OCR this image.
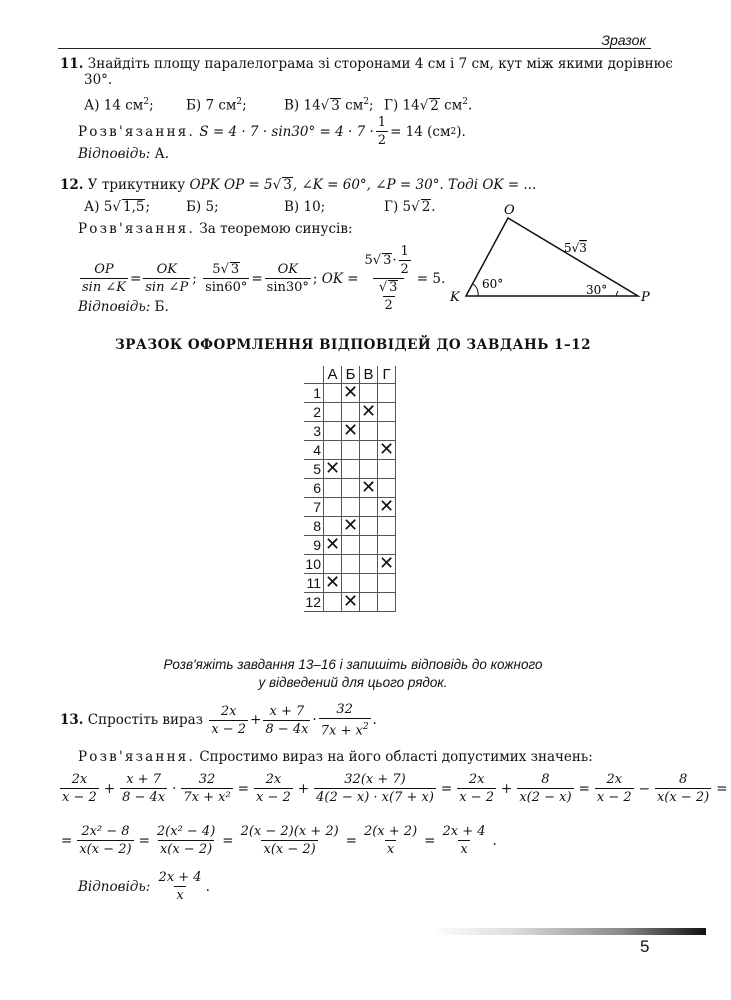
Зразок
11. Знайдіть площу паралелограма зі сторонами 4 см і 7 см, кут між якими дорівнює
30°.
А) 14 $см^2$; Б) 7 $см^2$;	В) 14√ 3 $см^2$; Г) 14√ 2 $см^2$.
Розв'язання.
$S = 4 \cdot 7 \cdot \sin 30^\circ = 4 \cdot 7 \cdot \frac{1}{2} = 14$ (см 2 ).
Відповідь: А.
12. У трикутнику OPK OP = 5√ 3, ∠K = 60°, ∠P = 30°. Тоді OK = ...
А) 5√ 1,5;	Б) 5;	В) 10;	Г) 5√ 2.
Розв'язання. За теоремою синусів:
$\frac{OP}{\sin \angle K} = \frac{OK}{\sin \angle P}$ ; $\frac{5√ 3}{\sin 60^\circ} = \frac{OK}{\sin 30^\circ}$ ; OK = $\frac{5 √ 3 \cdot \frac{1}{2}}{\frac{√ 3}{2}} = 5$.
Відповідь: Б.
O
K	P
60°	30°
5√3
ЗРАЗОК ОФОРМЛЕННЯ ВІДПОВІДЕЙ ДО ЗАВДАНЬ 1–12
	А	Б	В	Г
1		✕		
2			✕	
3		✕		
4				✕
5	✕			
6			✕	
7				✕
8		✕		
9	✕			
10				✕
11	✕			
12		✕		
Розв'яжіть завдання 13–16 і запишіть відповідь до кожного
у відведений для цього рядок.
13.
Спростіть вираз
$\frac{2x}{x - 2} + \frac{x + 7}{8 - 4x} \cdot \frac{32}{7x + x^2}$ .
Розв'язання. Спростимо вираз на його області допустимих значень:
$\frac{2x}{x - 2} + \frac{x + 7}{8 - 4x} \cdot \frac{32}{\text{7x + x²}} = \frac{2x}{x - 2} + \frac{32(x + 7)}{4(2 - x) \cdot x(7 + x)} = \frac{2x}{x - 2} + \frac{8}{x(2 - x)} = \frac{2x}{x - 2} - \frac{8}{x(x - 2)}$ =
= $\frac{\text{2x² − 8}}{x(x - 2)} = \frac{\text{2(x² − 4)}}{x(x - 2)} = \frac{2(x - 2)(x + 2)}{x(x - 2)} = \frac{2(x + 2)}{x} = \frac{2x + 4}{x}$ .
Відповідь:
$\frac{2x + 4}{x}$ .
5
